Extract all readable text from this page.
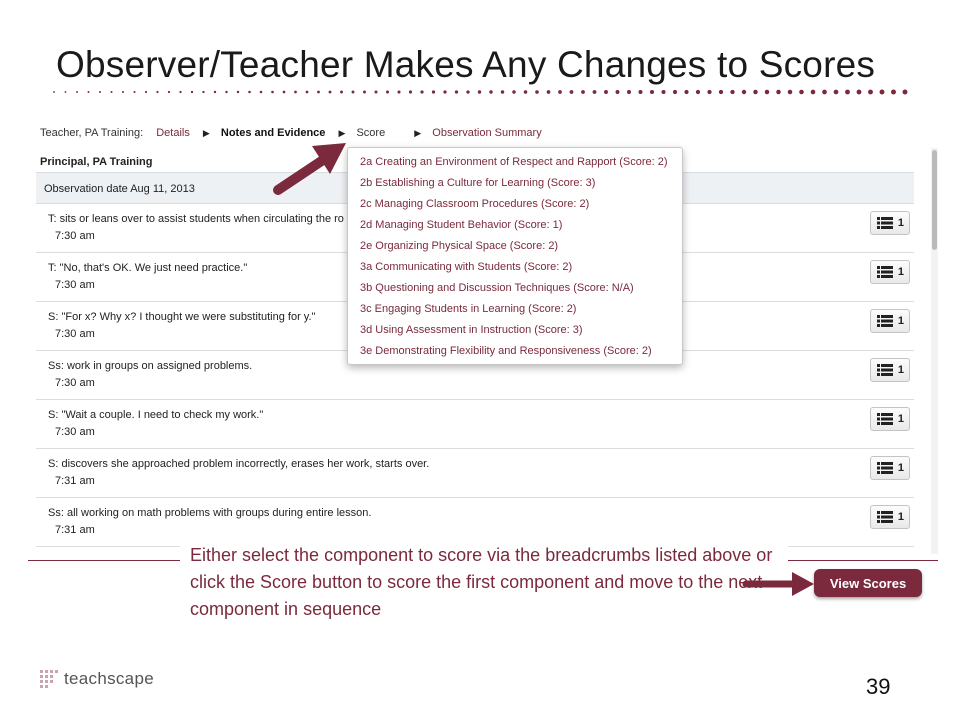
Observer/Teacher Makes Any Changes to Scores
Teacher, PA Training: Details ▶ Notes and Evidence ▶ Score	▶ Observation Summary
Principal, PA Training
Observation date Aug 11, 2013
T: sits or leans over to assist students when circulating the ro
7:30 am
1
T: "No, that's OK. We just need practice."
7:30 am
1
S: "For x? Why x? I thought we were substituting for y."
7:30 am
1
Ss: work in groups on assigned problems.
7:30 am
1
S: "Wait a couple. I need to check my work."
7:30 am
1
S: discovers she approached problem incorrectly, erases her work, starts over.
7:31 am
1
Ss: all working on math problems with groups during entire lesson.
7:31 am
1
2a Creating an Environment of Respect and Rapport (Score: 2)
2b Establishing a Culture for Learning (Score: 3)
2c Managing Classroom Procedures (Score: 2)
2d Managing Student Behavior (Score: 1)
2e Organizing Physical Space (Score: 2)
3a Communicating with Students (Score: 2)
3b Questioning and Discussion Techniques (Score: N/A)
3c Engaging Students in Learning (Score: 2)
3d Using Assessment in Instruction (Score: 3)
3e Demonstrating Flexibility and Responsiveness (Score: 2)
Either select the component to score via the breadcrumbs listed above or click the Score button to score the first component and move to the next component in sequence
View Scores
teachscape	39
